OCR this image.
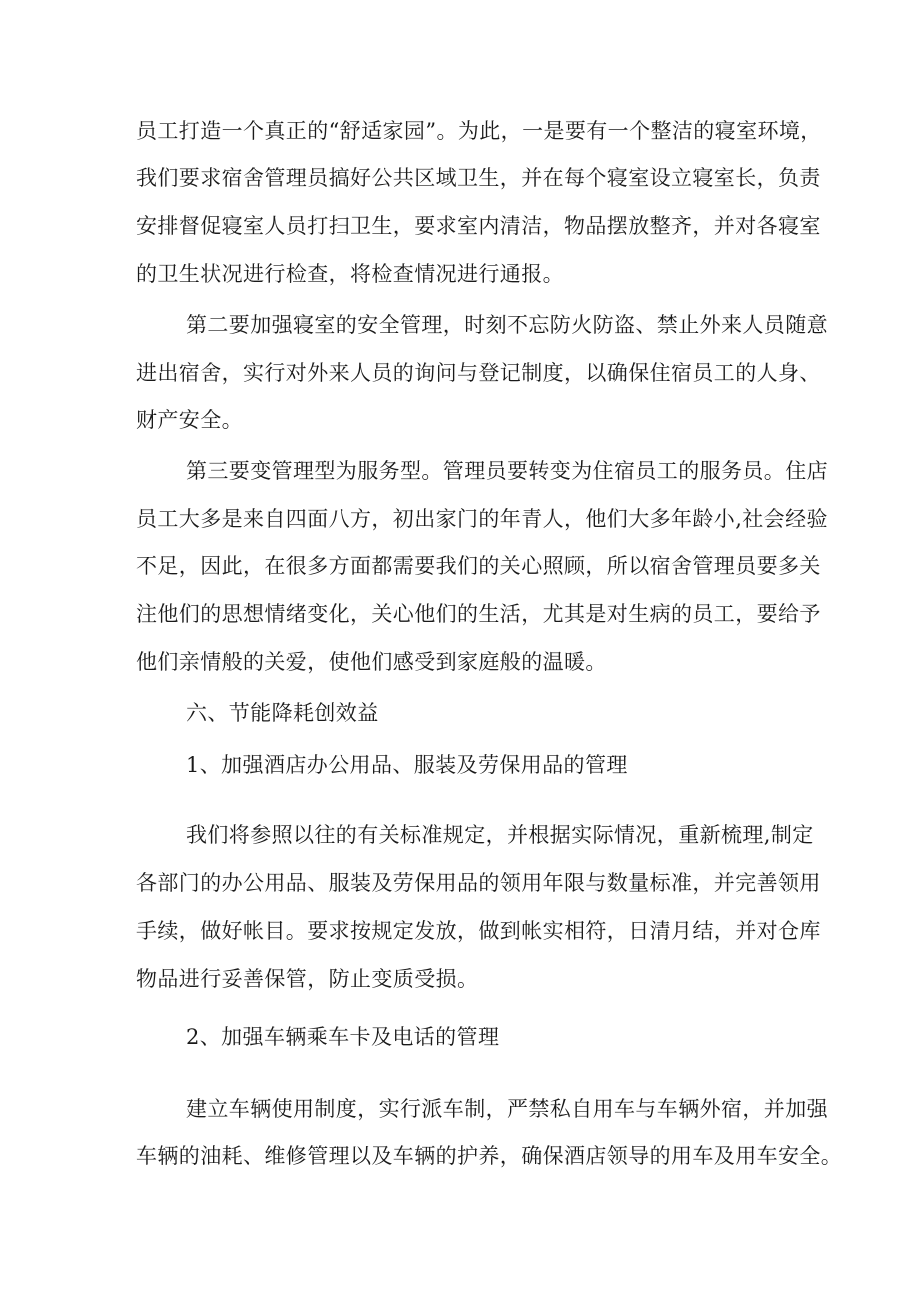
员工打造一个真正的“舒适家园”。为此，一是要有一个整洁的寝室环境，
我们要求宿舍管理员搞好公共区域卫生，并在每个寝室设立寝室长，负责
安排督促寝室人员打扫卫生，要求室内清洁，物品摆放整齐，并对各寝室
的卫生状况进行检查，将检查情况进行通报。
第二要加强寝室的安全管理，时刻不忘防火防盗、禁止外来人员随意
进出宿舍，实行对外来人员的询问与登记制度，以确保住宿员工的人身、
财产安全。
第三要变管理型为服务型。管理员要转变为住宿员工的服务员。住店
员工大多是来自四面八方，初出家门的年青人，他们大多年龄小,社会经验
不足，因此，在很多方面都需要我们的关心照顾，所以宿舍管理员要多关
注他们的思想情绪变化，关心他们的生活，尤其是对生病的员工，要给予
他们亲情般的关爱，使他们感受到家庭般的温暖。
六、节能降耗创效益
1、加强酒店办公用品、服装及劳保用品的管理
我们将参照以往的有关标准规定，并根据实际情况，重新梳理,制定
各部门的办公用品、服装及劳保用品的领用年限与数量标准，并完善领用
手续，做好帐目。要求按规定发放，做到帐实相符，日清月结，并对仓库
物品进行妥善保管，防止变质受损。
2、加强车辆乘车卡及电话的管理
建立车辆使用制度，实行派车制，严禁私自用车与车辆外宿，并加强
车辆的油耗、维修管理以及车辆的护养，确保酒店领导的用车及用车安全。
